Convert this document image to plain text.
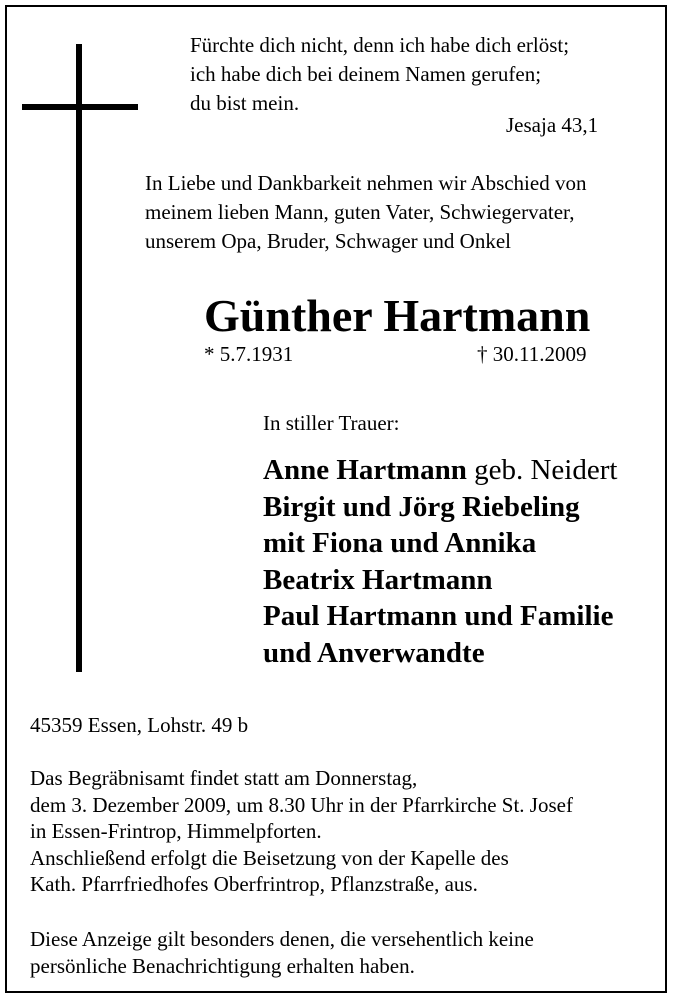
Fürchte dich nicht, denn ich habe dich erlöst;
ich habe dich bei deinem Namen gerufen;
du bist mein.
Jesaja 43,1
In Liebe und Dankbarkeit nehmen wir Abschied von
meinem lieben Mann, guten Vater, Schwiegervater,
unserem Opa, Bruder, Schwager und Onkel
Günther Hartmann
* 5.7.1931	† 30.11.2009
In stiller Trauer:
Anne Hartmann geb. Neidert
Birgit und Jörg Riebeling
mit Fiona und Annika
Beatrix Hartmann
Paul Hartmann und Familie
und Anverwandte
45359 Essen, Lohstr. 49 b
Das Begräbnisamt findet statt am Donnerstag,
dem 3. Dezember 2009, um 8.30 Uhr in der Pfarrkirche St. Josef
in Essen-Frintrop, Himmelpforten.
Anschließend erfolgt die Beisetzung von der Kapelle des
Kath. Pfarrfriedhofes Oberfrintrop, Pflanzstraße, aus.
Diese Anzeige gilt besonders denen, die versehentlich keine
persönliche Benachrichtigung erhalten haben.
